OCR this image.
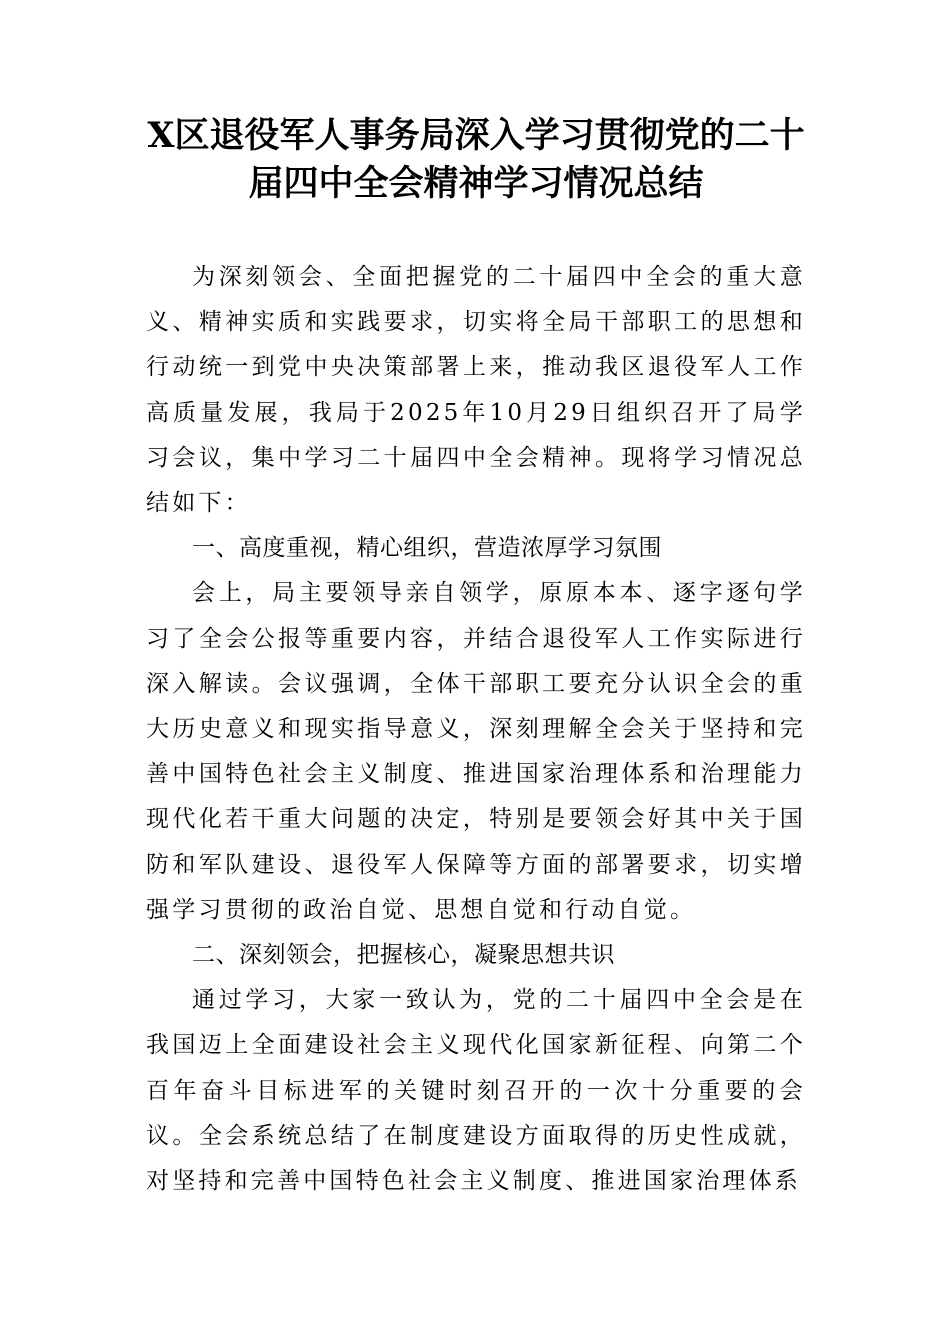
X区退役军人事务局深入学习贯彻党的二十届四中全会精神学习情况总结

为深刻领会、全面把握党的二十届四中全会的重大意义、精神实质和实践要求，切实将全局干部职工的思想和行动统一到党中央决策部署上来，推动我区退役军人工作高质量发展，我局于2025年10月29日组织召开了局学习会议，集中学习二十届四中全会精神。现将学习情况总结如下：

一、高度重视，精心组织，营造浓厚学习氛围

会上，局主要领导亲自领学，原原本本、逐字逐句学习了全会公报等重要内容，并结合退役军人工作实际进行深入解读。会议强调，全体干部职工要充分认识全会的重大历史意义和现实指导意义，深刻理解全会关于坚持和完善中国特色社会主义制度、推进国家治理体系和治理能力现代化若干重大问题的决定，特别是要领会好其中关于国防和军队建设、退役军人保障等方面的部署要求，切实增强学习贯彻的政治自觉、思想自觉和行动自觉。

二、深刻领会，把握核心，凝聚思想共识

通过学习，大家一致认为，党的二十届四中全会是在我国迈上全面建设社会主义现代化国家新征程、向第二个百年奋斗目标进军的关键时刻召开的一次十分重要的会议。全会系统总结了在制度建设方面取得的历史性成就，对坚持和完善中国特色社会主义制度、推进国家治理体系
